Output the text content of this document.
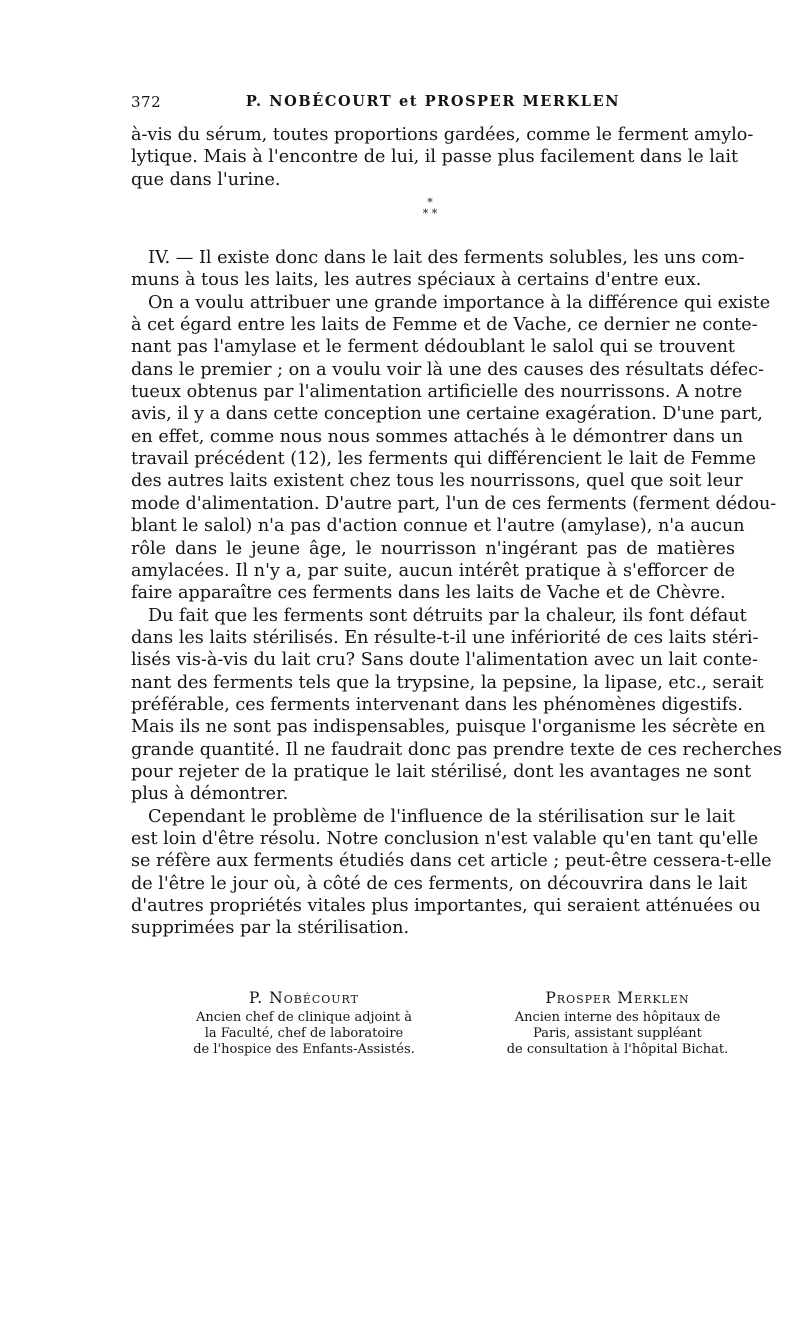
372	P. NOBÉCOURT et PROSPER MERKLEN
à-vis du sérum, toutes proportions gardées, comme le ferment amylo-
lytique. Mais à l'encontre de lui, il passe plus facilement dans le lait
que dans l'urine.
IV. — Il existe donc dans le lait des ferments solubles, les uns com-
muns à tous les laits, les autres spéciaux à certains d'entre eux.
On a voulu attribuer une grande importance à la différence qui existe
à cet égard entre les laits de Femme et de Vache, ce dernier ne conte-
nant pas l'amylase et le ferment dédoublant le salol qui se trouvent
dans le premier ; on a voulu voir là une des causes des résultats défec-
tueux obtenus par l'alimentation artificielle des nourrissons. A notre
avis, il y a dans cette conception une certaine exagération. D'une part,
en effet, comme nous nous sommes attachés à le démontrer dans un
travail précédent (12), les ferments qui différencient le lait de Femme
des autres laits existent chez tous les nourrissons, quel que soit leur
mode d'alimentation. D'autre part, l'un de ces ferments (ferment dédou-
blant le salol) n'a pas d'action connue et l'autre (amylase), n'a aucun
rôle dans le jeune âge, le nourrisson n'ingérant pas de matières
amylacées. Il n'y a, par suite, aucun intérêt pratique à s'efforcer de
faire apparaître ces ferments dans les laits de Vache et de Chèvre.
Du fait que les ferments sont détruits par la chaleur, ils font défaut
dans les laits stérilisés. En résulte-t-il une infériorité de ces laits stéri-
lisés vis-à-vis du lait cru? Sans doute l'alimentation avec un lait conte-
nant des ferments tels que la trypsine, la pepsine, la lipase, etc., serait
préférable, ces ferments intervenant dans les phénomènes digestifs.
Mais ils ne sont pas indispensables, puisque l'organisme les sécrète en
grande quantité. Il ne faudrait donc pas prendre texte de ces recherches
pour rejeter de la pratique le lait stérilisé, dont les avantages ne sont
plus à démontrer.
Cependant le problème de l'influence de la stérilisation sur le lait
est loin d'être résolu. Notre conclusion n'est valable qu'en tant qu'elle
se réfère aux ferments étudiés dans cet article ; peut-être cessera-t-elle
de l'être le jour où, à côté de ces ferments, on découvrira dans le lait
d'autres propriétés vitales plus importantes, qui seraient atténuées ou
supprimées par la stérilisation.
*
* *
P. Nobécourt
Ancien chef de clinique adjoint à
la Faculté, chef de laboratoire
de l'hospice des Enfants-Assistés.
Prosper Merklen
Ancien interne des hôpitaux de
Paris, assistant suppléant
de consultation à l'hôpital Bichat.
